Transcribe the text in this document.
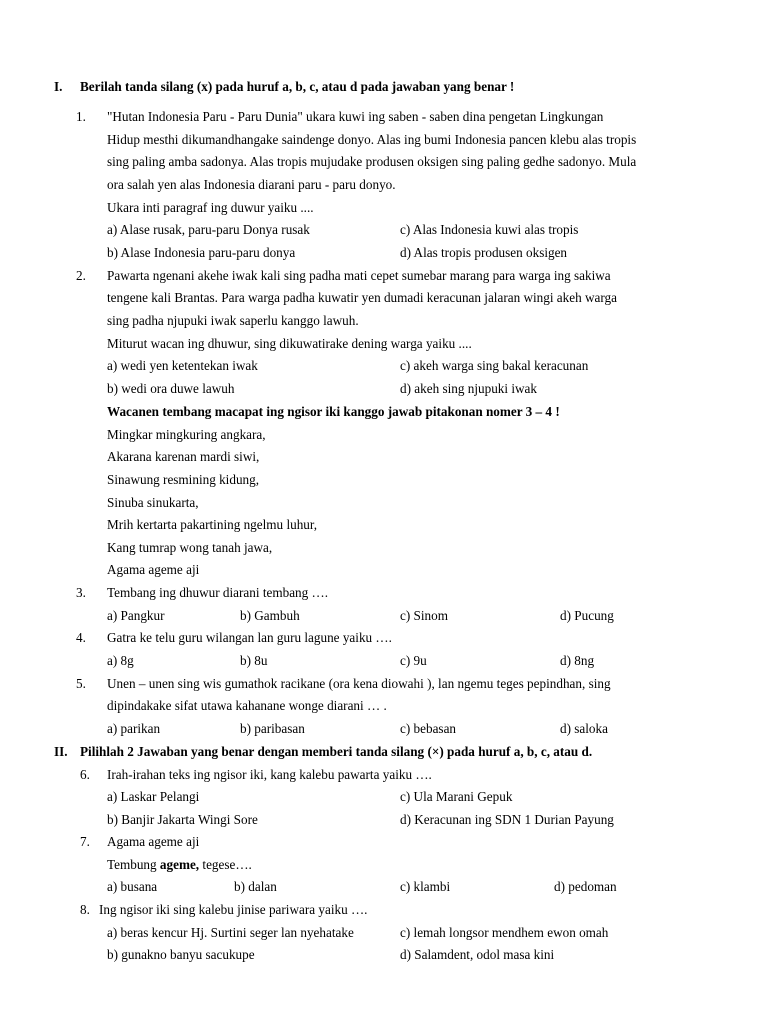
I. Berilah tanda silang (x) pada huruf a, b, c, atau d pada jawaban yang benar !
1. "Hutan Indonesia Paru - Paru Dunia" ukara kuwi ing saben - saben dina pengetan Lingkungan
Hidup mesthi dikumandhangake saindenge donyo. Alas ing bumi Indonesia pancen klebu alas tropis
sing paling amba sadonya. Alas tropis mujudake produsen oksigen sing paling gedhe sadonyo. Mula
ora salah yen alas Indonesia diarani paru - paru donyo.
Ukara inti paragraf ing duwur yaiku ....
a) Alase rusak, paru-paru Donya rusak	c) Alas Indonesia kuwi alas tropis
b) Alase Indonesia paru-paru donya	d) Alas tropis produsen oksigen
2. Pawarta ngenani akehe iwak kali sing padha mati cepet sumebar marang para warga ing sakiwa
tengene kali Brantas. Para warga padha kuwatir yen dumadi keracunan jalaran wingi akeh warga
sing padha njupuki iwak saperlu kanggo lawuh.
Miturut wacan ing dhuwur, sing dikuwatirake dening warga yaiku ....
a) wedi yen ketentekan iwak	c) akeh warga sing bakal keracunan
b) wedi ora duwe lawuh	d) akeh sing njupuki iwak
Wacanen tembang macapat ing ngisor iki kanggo jawab pitakonan nomer 3 – 4 !
Mingkar mingkuring angkara,
Akarana karenan mardi siwi,
Sinawung resmining kidung,
Sinuba sinukarta,
Mrih kertarta pakartining ngelmu luhur,
Kang tumrap wong tanah jawa,
Agama ageme aji
3. Tembang ing dhuwur diarani tembang ….
a) Pangkur	b) Gambuh	c) Sinom	d) Pucung
4. Gatra ke telu guru wilangan lan guru lagune yaiku ….
a) 8g	b) 8u	c) 9u	d) 8ng
5. Unen – unen sing wis gumathok racikane (ora kena diowahi ), lan ngemu teges pepindhan, sing
dipindakake sifat utawa kahanane wonge diarani … .
a) parikan	b) paribasan	c) bebasan	d) saloka
II. Pilihlah 2 Jawaban yang benar dengan memberi tanda silang (×) pada huruf a, b, c, atau d.
6. Irah-irahan teks ing ngisor iki, kang kalebu pawarta yaiku ….
a) Laskar Pelangi	c) Ula Marani Gepuk
b) Banjir Jakarta Wingi Sore	d) Keracunan ing SDN 1 Durian Payung
7. Agama ageme aji
Tembung ageme, tegese….
a) busana	b) dalan	c) klambi	d) pedoman
8. Ing ngisor iki sing kalebu jinise pariwara yaiku ….
a) beras kencur Hj. Surtini seger lan nyehatake	c) lemah longsor mendhem ewon omah
b) gunakno banyu sacukupe	d) Salamdent, odol masa kini
